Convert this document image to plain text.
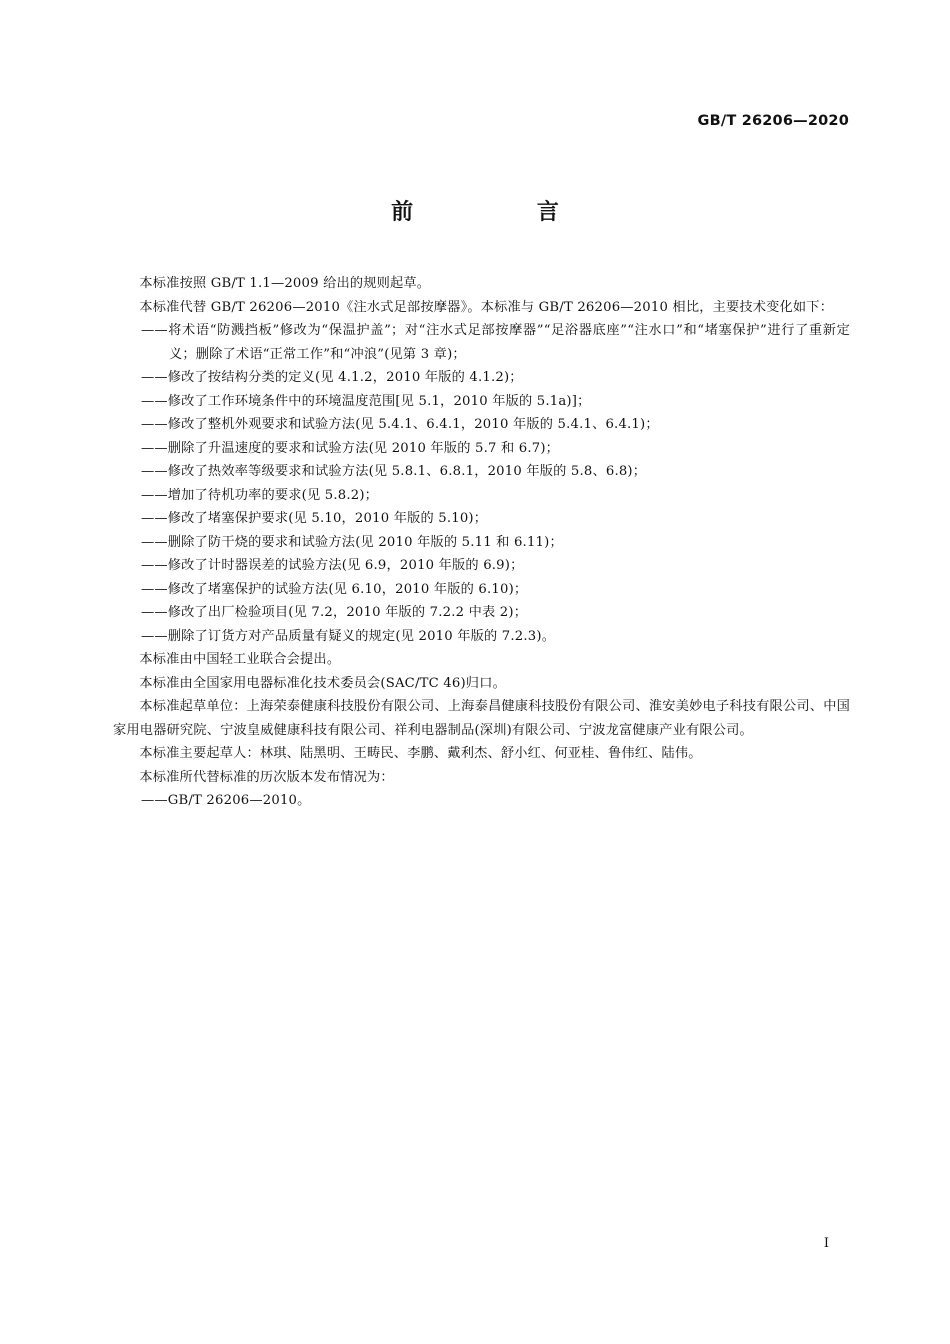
GB/T 26206—2020
前 言

本标准按照 GB/T 1.1—2009 给出的规则起草。

本标准代替 GB/T 26206—2010《注水式足部按摩器》。本标准与 GB/T 26206—2010 相比，主要技术变化如下：

——将术语“防溅挡板”修改为“保温护盖”；对“注水式足部按摩器”“足浴器底座”“注水口”和“堵塞保护”进行了重新定义；删除了术语“正常工作”和“冲浪”(见第 3 章)；

——修改了按结构分类的定义(见 4.1.2，2010 年版的 4.1.2)；

——修改了工作环境条件中的环境温度范围[见 5.1，2010 年版的 5.1a)]；

——修改了整机外观要求和试验方法(见 5.4.1、6.4.1，2010 年版的 5.4.1、6.4.1)；

——删除了升温速度的要求和试验方法(见 2010 年版的 5.7 和 6.7)；

——修改了热效率等级要求和试验方法(见 5.8.1、6.8.1，2010 年版的 5.8、6.8)；

——增加了待机功率的要求(见 5.8.2)；

——修改了堵塞保护要求(见 5.10，2010 年版的 5.10)；

——删除了防干烧的要求和试验方法(见 2010 年版的 5.11 和 6.11)；

——修改了计时器误差的试验方法(见 6.9，2010 年版的 6.9)；

——修改了堵塞保护的试验方法(见 6.10，2010 年版的 6.10)；

——修改了出厂检验项目(见 7.2，2010 年版的 7.2.2 中表 2)；

——删除了订货方对产品质量有疑义的规定(见 2010 年版的 7.2.3)。

本标准由中国轻工业联合会提出。

本标准由全国家用电器标准化技术委员会(SAC/TC 46)归口。

本标准起草单位：上海荣泰健康科技股份有限公司、上海泰昌健康科技股份有限公司、淮安美妙电子科技有限公司、中国家用电器研究院、宁波皇威健康科技有限公司、祥利电器制品(深圳)有限公司、宁波龙富健康产业有限公司。

本标准主要起草人：林琪、陆黑明、王畴民、李鹏、戴利杰、舒小红、何亚桂、鲁伟红、陆伟。

本标准所代替标准的历次版本发布情况为：

——GB/T 26206—2010。

I
